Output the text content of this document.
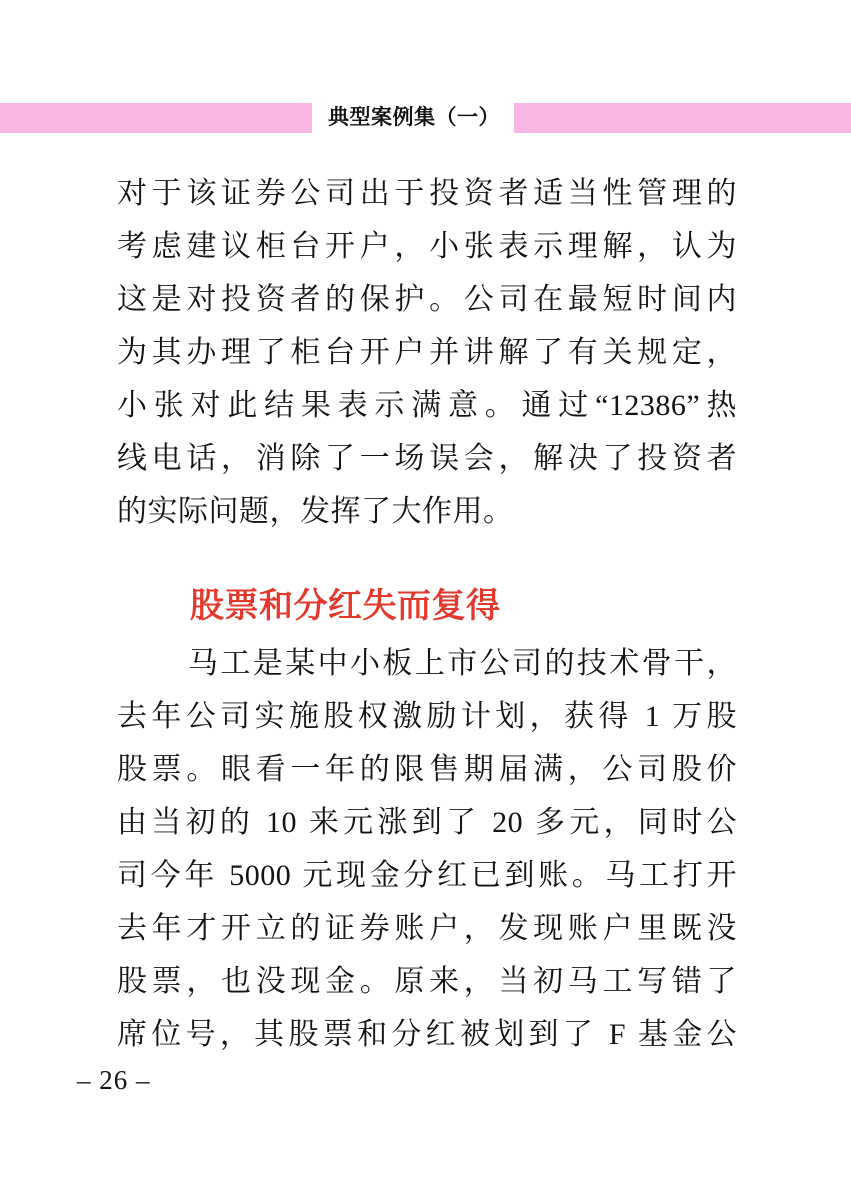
典型案例集（一）
对于该证券公司出于投资者适当性管理的
考虑建议柜台开户，小张表示理解，认为
这是对投资者的保护。公司在最短时间内
为其办理了柜台开户并讲解了有关规定，
小张对此结果表示满意。通过“12386”热
线电话，消除了一场误会，解决了投资者
的实际问题，发挥了大作用。
股票和分红失而复得
马工是某中小板上市公司的技术骨干，
去年公司实施股权激励计划，获得 1 万股
股票。眼看一年的限售期届满，公司股价
由当初的 10 来元涨到了 20 多元，同时公
司今年 5000 元现金分红已到账。马工打开
去年才开立的证券账户，发现账户里既没
股票，也没现金。原来，当初马工写错了
席位号，其股票和分红被划到了 F 基金公
– 26 –
